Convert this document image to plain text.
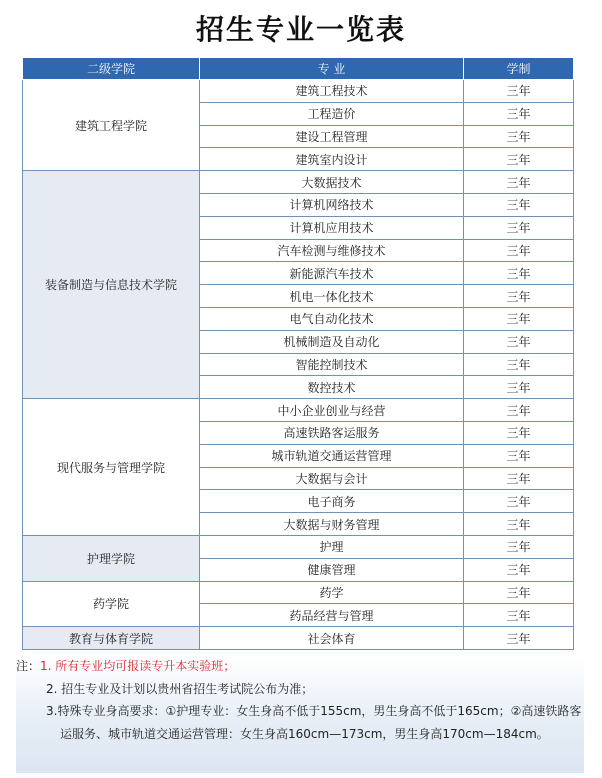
招生专业一览表
二级学院	专 业	学制
建筑工程学院	建筑工程技术	三年
	工程造价	三年
	建设工程管理	三年
	建筑室内设计	三年
装备制造与信息技术学院	大数据技术	三年
	计算机网络技术	三年
	计算机应用技术	三年
	汽车检测与维修技术	三年
	新能源汽车技术	三年
	机电一体化技术	三年
	电气自动化技术	三年
	机械制造及自动化	三年
	智能控制技术	三年
	数控技术	三年
现代服务与管理学院	中小企业创业与经营	三年
	高速铁路客运服务	三年
	城市轨道交通运营管理	三年
	大数据与会计	三年
	电子商务	三年
	大数据与财务管理	三年
护理学院	护理	三年
	健康管理	三年
药学院	药学	三年
	药品经营与管理	三年
教育与体育学院	社会体育	三年
注：1. 所有专业均可报读专升本实验班；
2. 招生专业及计划以贵州省招生考试院公布为准；
3.特殊专业身高要求：①护理专业：女生身高不低于155cm，男生身高不低于165cm；②高速铁路客
运服务、城市轨道交通运营管理：女生身高160cm—173cm，男生身高170cm—184cm。
